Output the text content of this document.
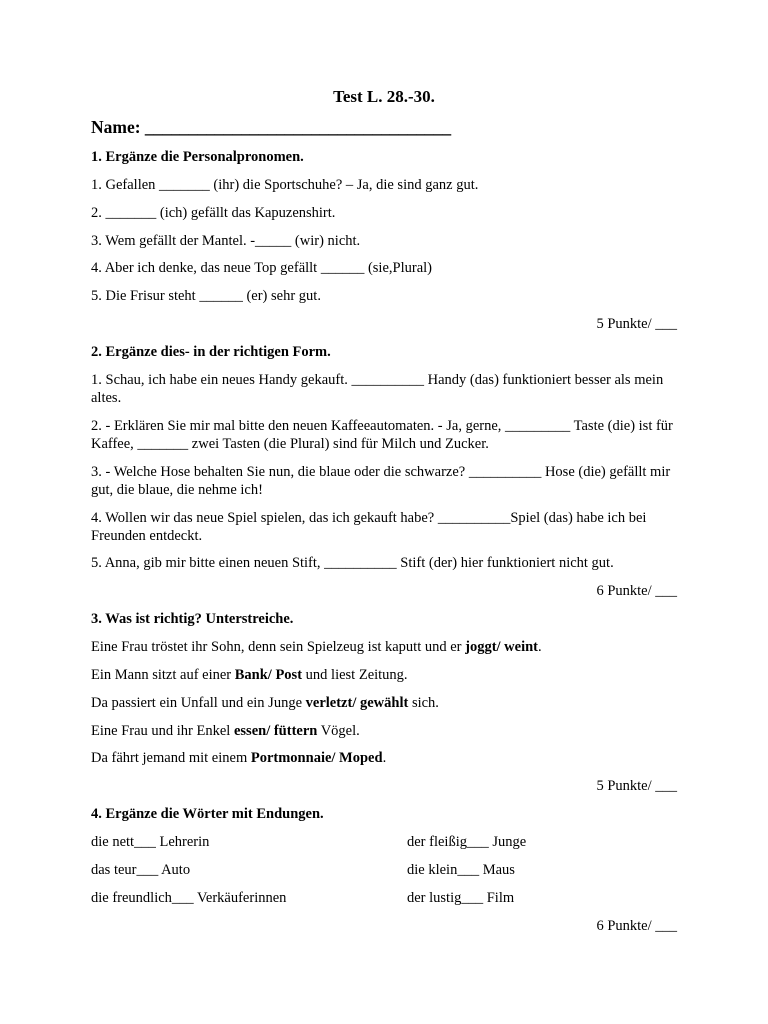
Test L. 28.-30.
Name: ___________________________________
1. Ergänze die Personalpronomen.
1. Gefallen _______ (ihr) die Sportschuhe? – Ja, die sind ganz gut.
2. _______ (ich) gefällt das Kapuzenshirt.
3. Wem gefällt der Mantel. -_____ (wir) nicht.
4. Aber ich denke, das neue Top gefällt ______ (sie,Plural)
5. Die Frisur steht ______ (er) sehr gut.
5 Punkte/ ___
2. Ergänze dies- in der richtigen Form.
1. Schau, ich habe ein neues Handy gekauft. __________ Handy (das) funktioniert besser als mein altes.
2. - Erklären Sie mir mal bitte den neuen Kaffeeautomaten. - Ja, gerne, _________ Taste (die) ist für Kaffee, _______ zwei Tasten (die Plural) sind für Milch und Zucker.
3. - Welche Hose behalten Sie nun, die blaue oder die schwarze? __________ Hose (die) gefällt mir gut, die blaue, die nehme ich!
4. Wollen wir das neue Spiel spielen, das ich gekauft habe? __________Spiel (das) habe ich bei Freunden entdeckt.
5. Anna, gib mir bitte einen neuen Stift, __________ Stift (der) hier funktioniert nicht gut.
6 Punkte/ ___
3. Was ist richtig? Unterstreiche.
Eine Frau tröstet ihr Sohn, denn sein Spielzeug ist kaputt und er joggt/ weint.
Ein Mann sitzt auf einer Bank/ Post und liest Zeitung.
Da passiert ein Unfall und ein Junge verletzt/ gewählt sich.
Eine Frau und ihr Enkel essen/ füttern Vögel.
Da fährt jemand mit einem Portmonnaie/ Moped.
5 Punkte/ ___
4. Ergänze die Wörter mit Endungen.
die nett___ Lehrerin	der fleißig___ Junge
das teur___ Auto	die klein___ Maus
die freundlich___ Verkäuferinnen	der lustig___ Film
6 Punkte/ ___
